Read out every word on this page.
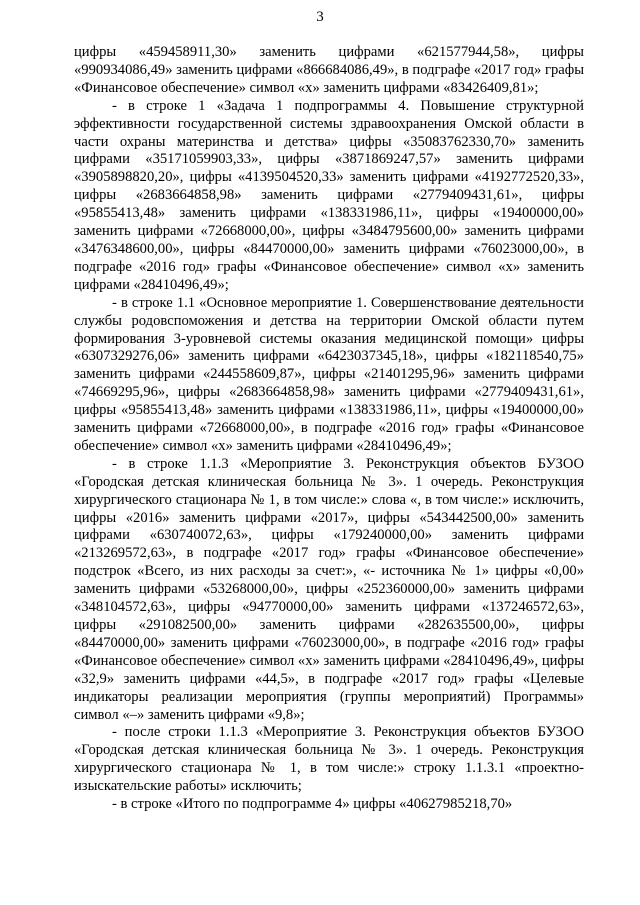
3

цифры «459458911,30» заменить цифрами «621577944,58», цифры «990934086,49» заменить цифрами «866684086,49», в подграфе «2017 год» графы «Финансовое обеспечение» символ «х» заменить цифрами «83426409,81»;

- в строке 1 «Задача 1 подпрограммы 4. Повышение структурной эффективности государственной системы здравоохранения Омской области в части охраны материнства и детства» цифры «35083762330,70» заменить цифрами «35171059903,33», цифры «3871869247,57» заменить цифрами «3905898820,20», цифры «4139504520,33» заменить цифрами «4192772520,33», цифры «2683664858,98» заменить цифрами «2779409431,61», цифры «95855413,48» заменить цифрами «138331986,11», цифры «19400000,00» заменить цифрами «72668000,00», цифры «3484795600,00» заменить цифрами «3476348600,00», цифры «84470000,00» заменить цифрами «76023000,00», в подграфе «2016 год» графы «Финансовое обеспечение» символ «х» заменить цифрами «28410496,49»;

- в строке 1.1 «Основное мероприятие 1. Совершенствование деятельности службы родовспоможения и детства на территории Омской области путем формирования 3-уровневой системы оказания медицинской помощи» цифры «6307329276,06» заменить цифрами «6423037345,18», цифры «182118540,75» заменить цифрами «244558609,87», цифры «21401295,96» заменить цифрами «74669295,96», цифры «2683664858,98» заменить цифрами «2779409431,61», цифры «95855413,48» заменить цифрами «138331986,11», цифры «19400000,00» заменить цифрами «72668000,00», в подграфе «2016 год» графы «Финансовое обеспечение» символ «х» заменить цифрами «28410496,49»;

- в строке 1.1.3 «Мероприятие 3. Реконструкция объектов БУЗОО «Городская детская клиническая больница № 3». 1 очередь. Реконструкция хирургического стационара № 1, в том числе:» слова «, в том числе:» исключить, цифры «2016» заменить цифрами «2017», цифры «543442500,00» заменить цифрами «630740072,63», цифры «179240000,00» заменить цифрами «213269572,63», в подграфе «2017 год» графы «Финансовое обеспечение» подстрок «Всего, из них расходы за счет:», «- источника № 1» цифры «0,00» заменить цифрами «53268000,00», цифры «252360000,00» заменить цифрами «348104572,63», цифры «94770000,00» заменить цифрами «137246572,63», цифры «291082500,00» заменить цифрами «282635500,00», цифры «84470000,00» заменить цифрами «76023000,00», в подграфе «2016 год» графы «Финансовое обеспечение» символ «х» заменить цифрами «28410496,49», цифры «32,9» заменить цифрами «44,5», в подграфе «2017 год» графы «Целевые индикаторы реализации мероприятия (группы мероприятий) Программы» символ «–» заменить цифрами «9,8»;

- после строки 1.1.3 «Мероприятие 3. Реконструкция объектов БУЗОО «Городская детская клиническая больница № 3». 1 очередь. Реконструкция хирургического стационара № 1, в том числе:» строку 1.1.3.1 «проектно-изыскательские работы» исключить;

- в строке «Итого по подпрограмме 4» цифры «40627985218,70»
